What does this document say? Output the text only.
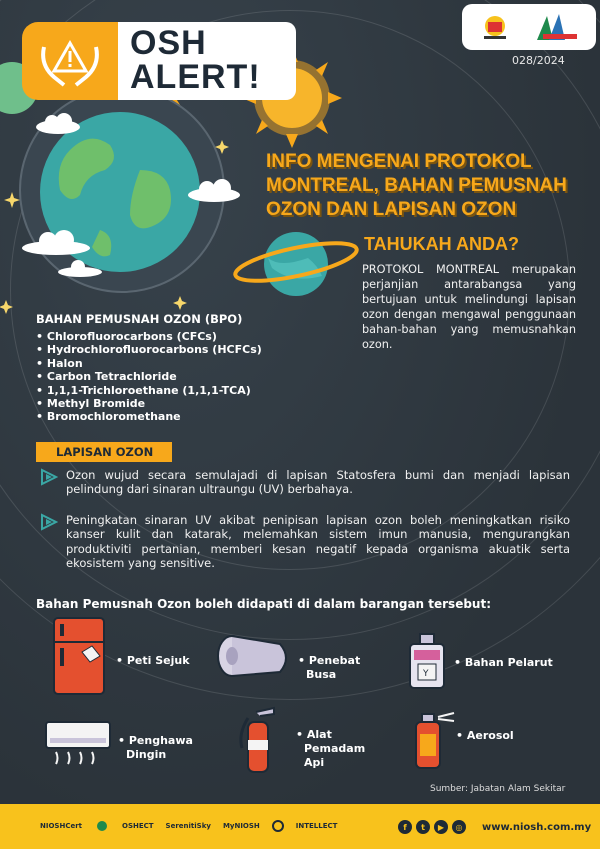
OSH
ALERT!	028/2024
INFO MENGENAI PROTOKOL MONTREAL, BAHAN PEMUSNAH OZON DAN LAPISAN OZON
TAHUKAH ANDA?
PROTOKOL MONTREAL merupakan perjanjian antarabangsa yang bertujuan untuk melindungi lapisan ozon dengan mengawal penggunaan bahan-bahan yang memusnahkan ozon.
BAHAN PEMUSNAH OZON (BPO)
• Chlorofluorocarbons (CFCs)
• Hydrochlorofluorocarbons (HCFCs)
• Halon
• Carbon Tetrachloride
• 1,1,1-Trichloroethane (1,1,1-TCA)
• Methyl Bromide
• Bromochloromethane
LAPISAN OZON

Ozon wujud secara semulajadi di lapisan Statosfera bumi dan menjadi lapisan pelindung dari sinaran ultraungu (UV) berbahaya.

Peningkatan sinaran UV akibat penipisan lapisan ozon boleh meningkatkan risiko kanser kulit dan katarak, melemahkan sistem imun manusia, mengurangkan produktiviti pertanian, memberi kesan negatif kepada organisma akuatik serta ekosistem yang sensitive.

Bahan Pemusnah Ozon boleh didapati di dalam barangan tersebut:
• Peti Sejuk	• Penebat
Busa	Y
• Bahan Pelarut
• Penghawa
Dingin
• Alat
Pemadam
Api
• Aerosol
Sumber: Jabatan Alam Sekitar
NIOSHCert	OSHECT SerenitiSky MyNIOSH	INTELLECT	f	t	▶	◎	www.niosh.com.my
